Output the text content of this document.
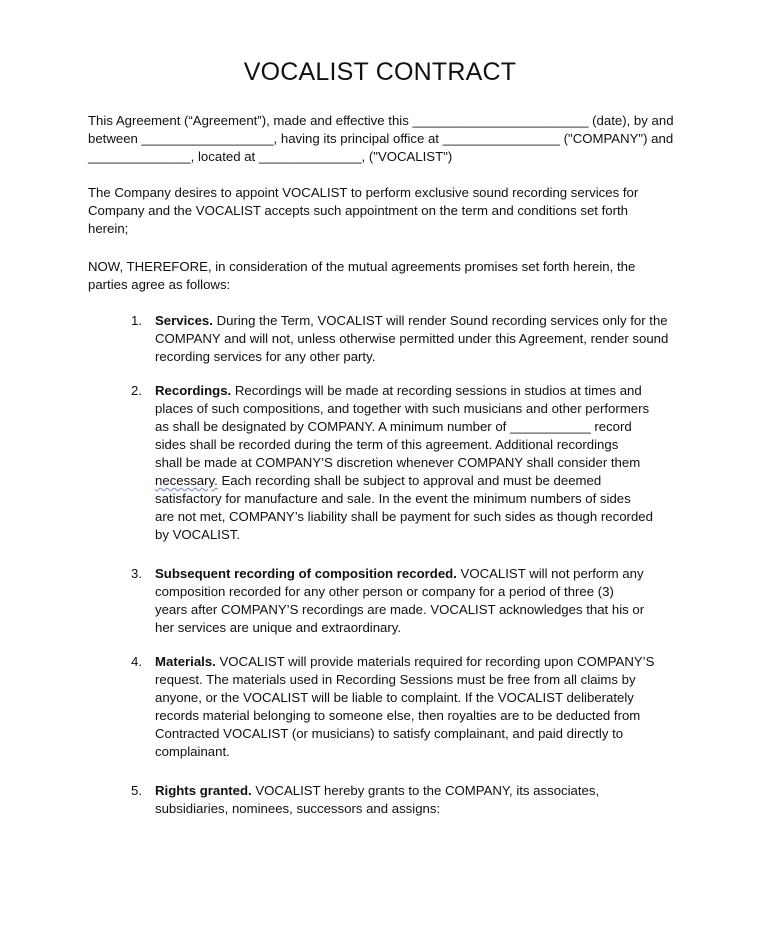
VOCALIST CONTRACT
This Agreement (“Agreement”), made and effective this ________________________ (date), by and
between __________________, having its principal office at ________________ ("COMPANY") and
______________, located at ______________, ("VOCALIST")
The Company desires to appoint VOCALIST to perform exclusive sound recording services for
Company and the VOCALIST accepts such appointment on the term and conditions set forth
herein;
NOW, THEREFORE, in consideration of the mutual agreements promises set forth herein, the
parties agree as follows:
1. Services. During the Term, VOCALIST will render Sound recording services only for the
COMPANY and will not, unless otherwise permitted under this Agreement, render sound
recording services for any other party.
2. Recordings. Recordings will be made at recording sessions in studios at times and
places of such compositions, and together with such musicians and other performers
as shall be designated by COMPANY. A minimum number of ___________ record
sides shall be recorded during the term of this agreement. Additional recordings
shall be made at COMPANY’S discretion whenever COMPANY shall consider them
necessary. Each recording shall be subject to approval and must be deemed
satisfactory for manufacture and sale. In the event the minimum numbers of sides
are not met, COMPANY’s liability shall be payment for such sides as though recorded
by VOCALIST.
3. Subsequent recording of composition recorded. VOCALIST will not perform any
composition recorded for any other person or company for a period of three (3)
years after COMPANY’S recordings are made. VOCALIST acknowledges that his or
her services are unique and extraordinary.
4. Materials. VOCALIST will provide materials required for recording upon COMPANY’S
request. The materials used in Recording Sessions must be free from all claims by
anyone, or the VOCALIST will be liable to complaint. If the VOCALIST deliberately
records material belonging to someone else, then royalties are to be deducted from
Contracted VOCALIST (or musicians) to satisfy complainant, and paid directly to
complainant.
5. Rights granted. VOCALIST hereby grants to the COMPANY, its associates,
subsidiaries, nominees, successors and assigns:
